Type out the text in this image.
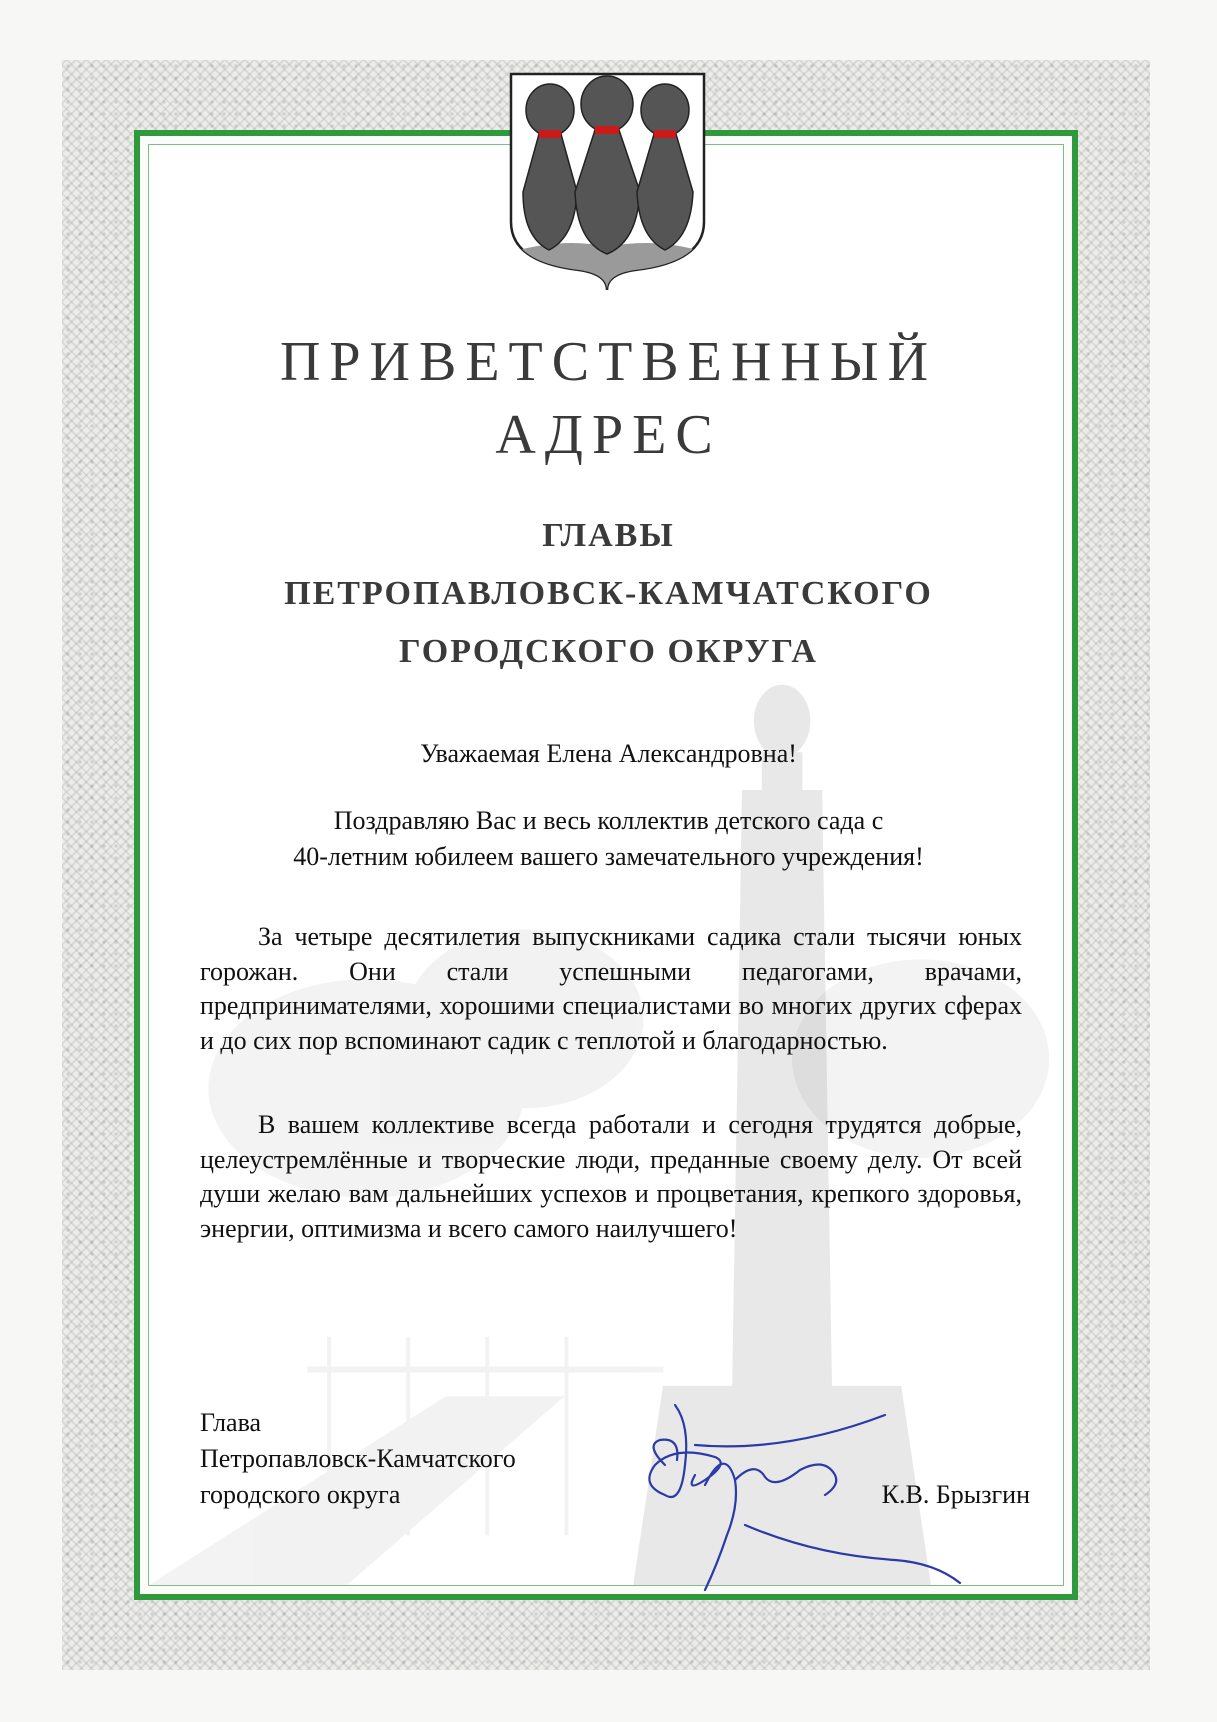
ПРИВЕТСТВЕННЫЙ
АДРЕС
ГЛАВЫ
ПЕТРОПАВЛОВСК-КАМЧАТСКОГО
ГОРОДСКОГО ОКРУГА
Уважаемая Елена Александровна!
Поздравляю Вас и весь коллектив детского сада с
40-летним юбилеем вашего замечательного учреждения!

За четыре десятилетия выпускниками садика стали тысячи юных горожан. Они стали успешными педагогами, врачами, предпринимателями, хорошими специалистами во многих других сферах и до сих пор вспоминают садик с теплотой и благодарностью.

В вашем коллективе всегда работали и сегодня трудятся добрые, целеустремлённые и творческие люди, преданные своему делу. От всей души желаю вам дальнейших успехов и процветания, крепкого здоровья, энергии, оптимизма и всего самого наилучшего!

Глава
Петропавловск-Камчатского
городского округа	К.В. Брызгин
